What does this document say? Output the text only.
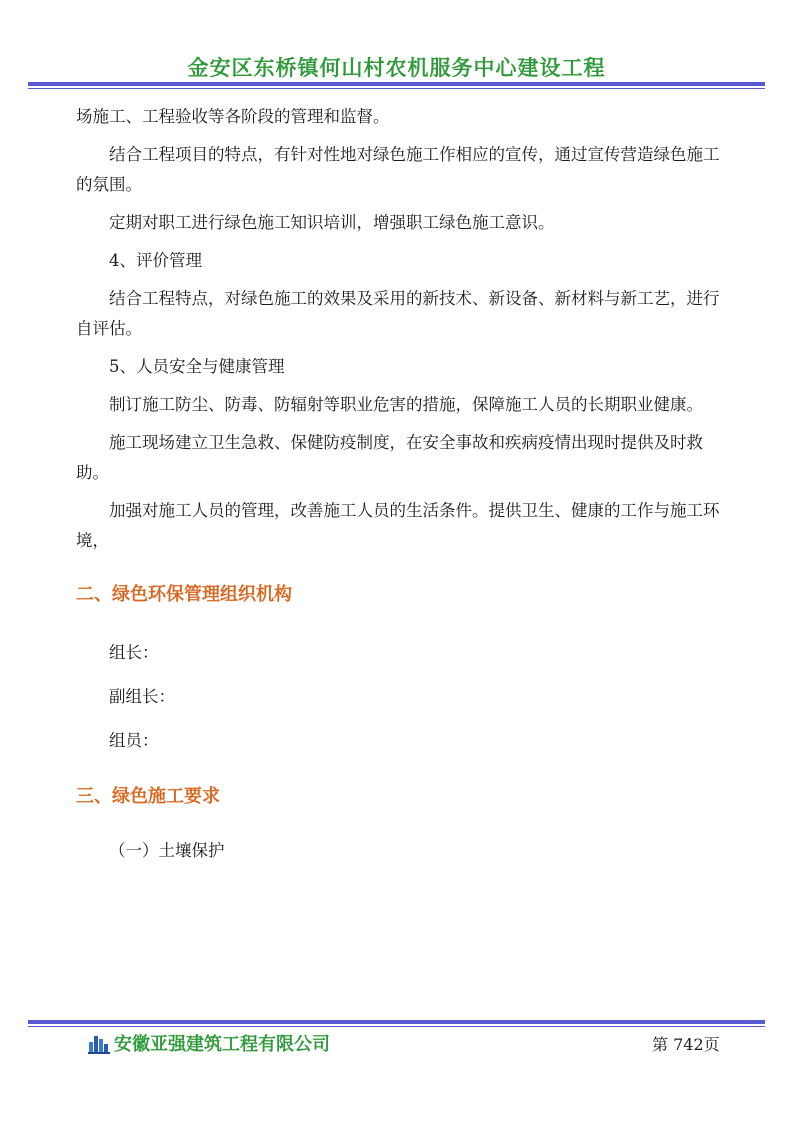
金安区东桥镇何山村农机服务中心建设工程

场施工、工程验收等各阶段的管理和监督。

结合工程项目的特点，有针对性地对绿色施工作相应的宣传，通过宣传营造绿色施工的氛围。

定期对职工进行绿色施工知识培训，增强职工绿色施工意识。

4、评价管理

结合工程特点，对绿色施工的效果及采用的新技术、新设备、新材料与新工艺，进行自评估。

5、人员安全与健康管理

制订施工防尘、防毒、防辐射等职业危害的措施，保障施工人员的长期职业健康。

施工现场建立卫生急救、保健防疫制度，在安全事故和疾病疫情出现时提供及时救助。

加强对施工人员的管理，改善施工人员的生活条件。提供卫生、健康的工作与施工环境，

二、绿色环保管理组织机构

组长：

副组长：

组员：

三、绿色施工要求

（一）土壤保护

安徽亚强建筑工程有限公司	第 742页
